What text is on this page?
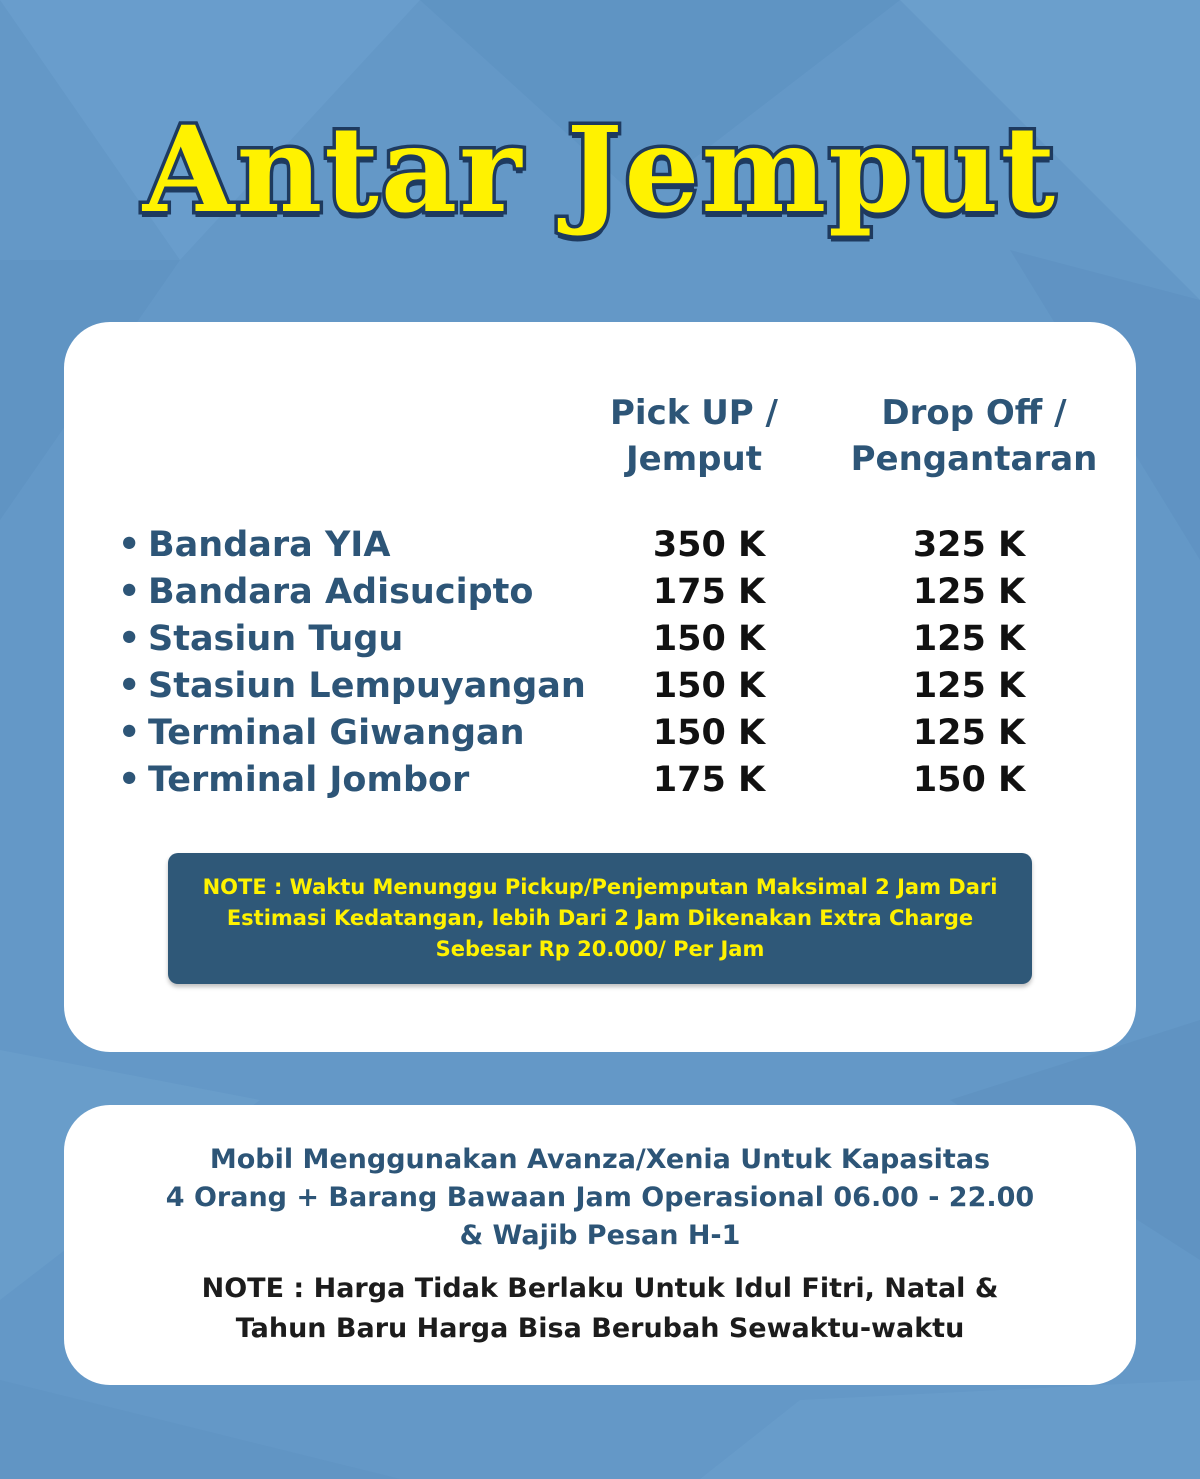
Antar Jemput
Pick UP /
Jemput
Drop Off /
Pengantaran
• Bandara YIA	350 K	325 K
• Bandara Adisucipto	175 K	125 K
• Stasiun Tugu	150 K	125 K
• Stasiun Lempuyangan	150 K	125 K
• Terminal Giwangan	150 K	125 K
• Terminal Jombor	175 K	150 K
NOTE : Waktu Menunggu Pickup/Penjemputan Maksimal 2 Jam Dari Estimasi Kedatangan, lebih Dari 2 Jam Dikenakan Extra Charge Sebesar Rp 20.000/ Per Jam
Mobil Menggunakan Avanza/Xenia Untuk Kapasitas
4 Orang + Barang Bawaan Jam Operasional 06.00 - 22.00
& Wajib Pesan H-1
NOTE : Harga Tidak Berlaku Untuk Idul Fitri, Natal &
Tahun Baru Harga Bisa Berubah Sewaktu-waktu
